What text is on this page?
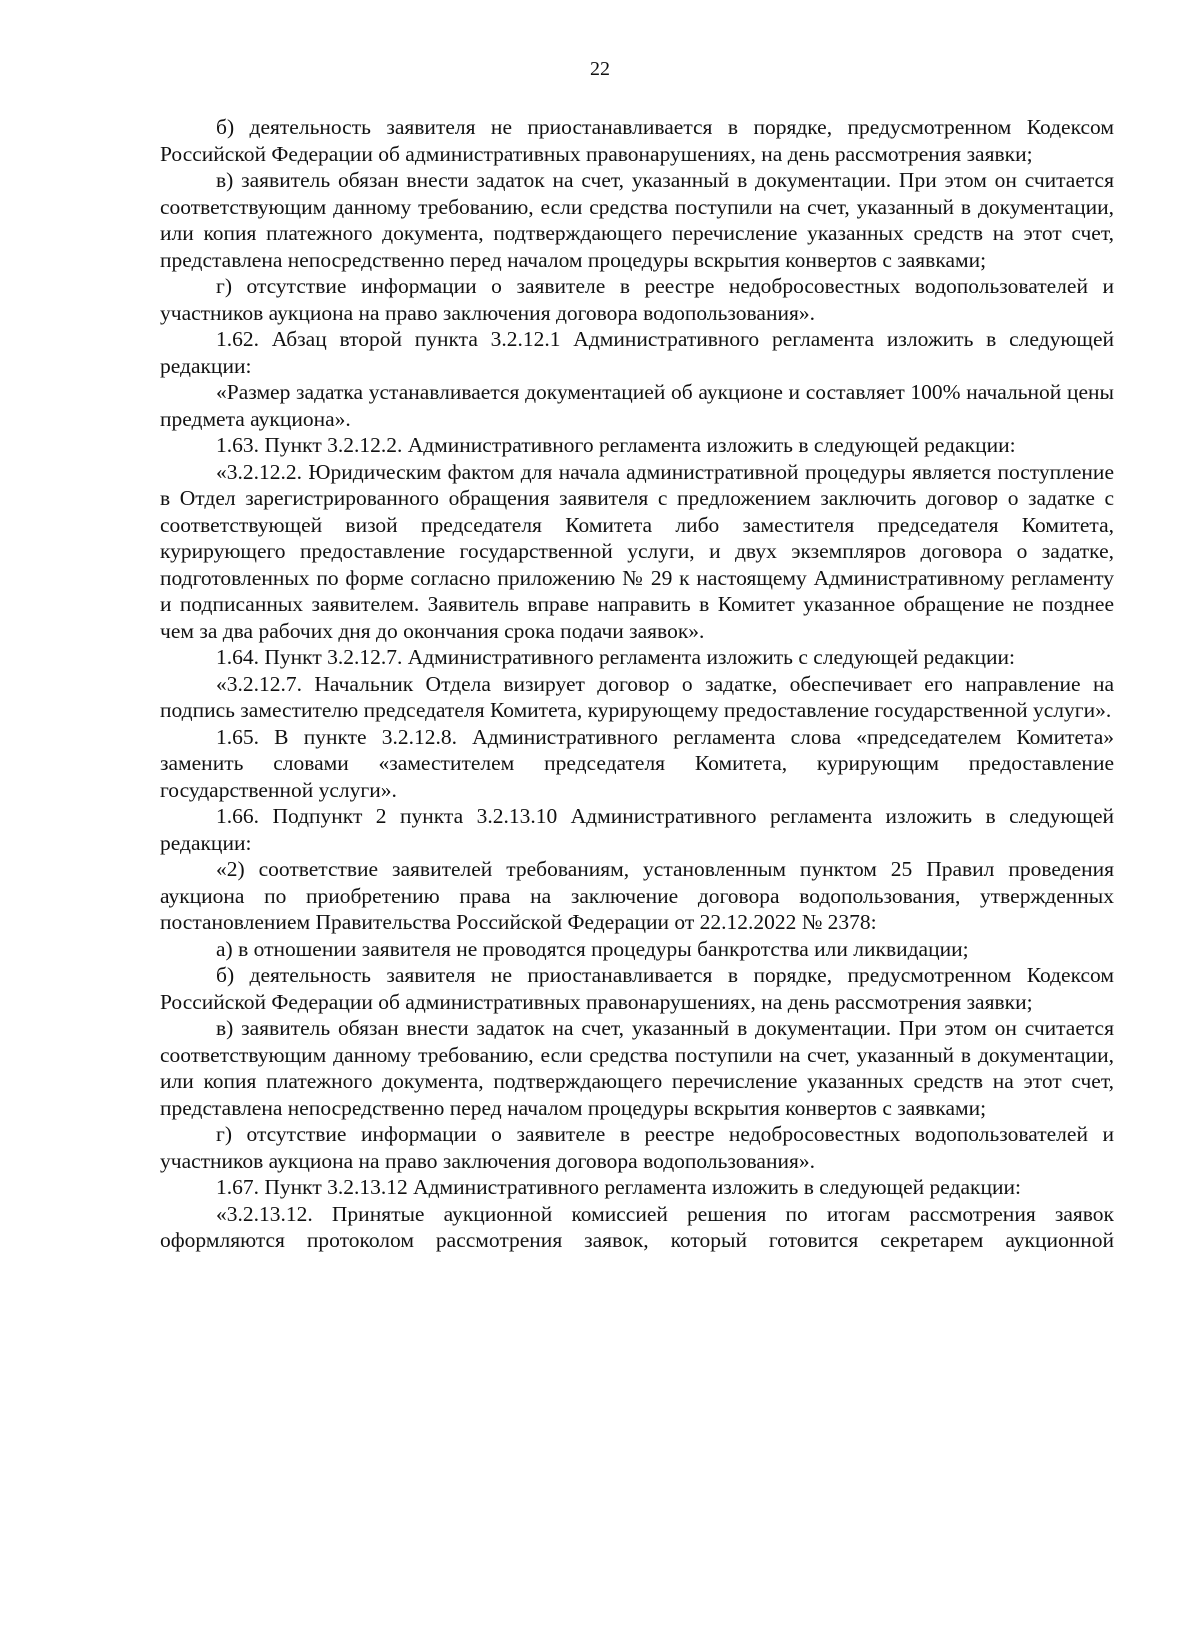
22

б) деятельность заявителя не приостанавливается в порядке, предусмотренном Кодексом Российской Федерации об административных правонарушениях, на день рассмотрения заявки;

в) заявитель обязан внести задаток на счет, указанный в документации. При этом он считается соответствующим данному требованию, если средства поступили на счет, указанный в документации, или копия платежного документа, подтверждающего перечисление указанных средств на этот счет, представлена непосредственно перед началом процедуры вскрытия конвертов с заявками;

г) отсутствие информации о заявителе в реестре недобросовестных водопользователей и участников аукциона на право заключения договора водопользования».

1.62. Абзац второй пункта 3.2.12.1 Административного регламента изложить в следующей редакции:

«Размер задатка устанавливается документацией об аукционе и составляет 100% начальной цены предмета аукциона».

1.63. Пункт 3.2.12.2. Административного регламента изложить в следующей редакции:

«3.2.12.2. Юридическим фактом для начала административной процедуры является поступление в Отдел зарегистрированного обращения заявителя с предложением заключить договор о задатке с соответствующей визой председателя Комитета либо заместителя председателя Комитета, курирующего предоставление государственной услуги, и двух экземпляров договора о задатке, подготовленных по форме согласно приложению № 29 к настоящему Административному регламенту и подписанных заявителем. Заявитель вправе направить в Комитет указанное обращение не позднее чем за два рабочих дня до окончания срока подачи заявок».

1.64. Пункт 3.2.12.7. Административного регламента изложить с следующей редакции:

«3.2.12.7. Начальник Отдела визирует договор о задатке, обеспечивает его направление на подпись заместителю председателя Комитета, курирующему предоставление государственной услуги».

1.65. В пункте 3.2.12.8. Административного регламента слова «председателем Комитета» заменить словами «заместителем председателя Комитета, курирующим предоставление государственной услуги».

1.66. Подпункт 2 пункта 3.2.13.10 Административного регламента изложить в следующей редакции:

«2) соответствие заявителей требованиям, установленным пунктом 25 Правил проведения аукциона по приобретению права на заключение договора водопользования, утвержденных постановлением Правительства Российской Федерации от 22.12.2022 № 2378:

а) в отношении заявителя не проводятся процедуры банкротства или ликвидации;

б) деятельность заявителя не приостанавливается в порядке, предусмотренном Кодексом Российской Федерации об административных правонарушениях, на день рассмотрения заявки;

в) заявитель обязан внести задаток на счет, указанный в документации. При этом он считается соответствующим данному требованию, если средства поступили на счет, указанный в документации, или копия платежного документа, подтверждающего перечисление указанных средств на этот счет, представлена непосредственно перед началом процедуры вскрытия конвертов с заявками;

г) отсутствие информации о заявителе в реестре недобросовестных водопользователей и участников аукциона на право заключения договора водопользования».

1.67. Пункт 3.2.13.12 Административного регламента изложить в следующей редакции:

«3.2.13.12. Принятые аукционной комиссией решения по итогам рассмотрения заявок оформляются протоколом рассмотрения заявок, который готовится секретарем аукционной
